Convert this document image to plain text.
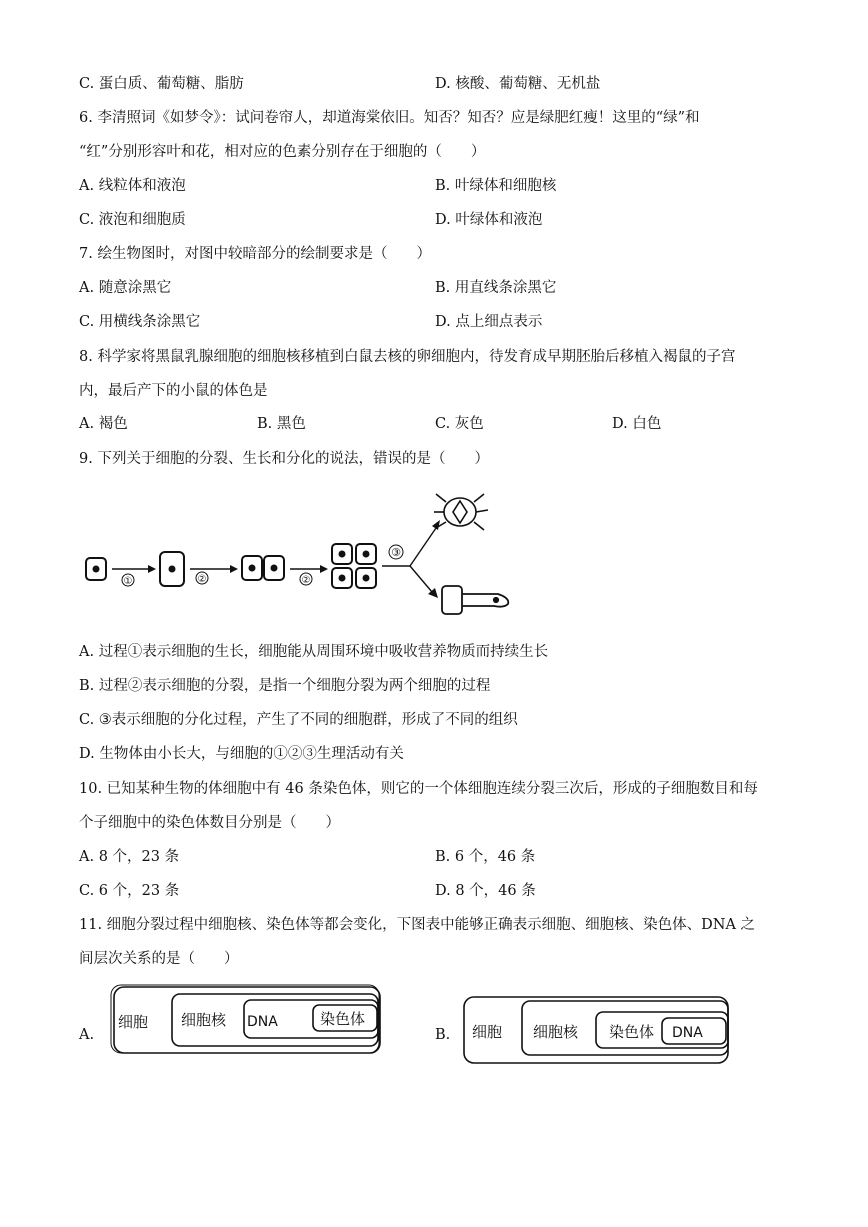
C. 蛋白质、葡萄糖、脂肪	D. 核酸、葡萄糖、无机盐
6. 李清照词《如梦令》：试问卷帘人，却道海棠依旧。知否？知否？应是绿肥红瘦！这里的“绿”和
“红”分别形容叶和花，相对应的色素分别存在于细胞的（　　）
A. 线粒体和液泡	B. 叶绿体和细胞核
C. 液泡和细胞质	D. 叶绿体和液泡
7. 绘生物图时，对图中较暗部分的绘制要求是（　　）
A. 随意涂黑它	B. 用直线条涂黑它
C. 用横线条涂黑它	D. 点上细点表示
8. 科学家将黑鼠乳腺细胞的细胞核移植到白鼠去核的卵细胞内，待发育成早期胚胎后移植入褐鼠的子宫
内，最后产下的小鼠的体色是
A. 褐色	B. 黑色	C. 灰色	D. 白色
9. 下列关于细胞的分裂、生长和分化的说法，错误的是（　　）
①	②	②
③
A. 过程①表示细胞的生长，细胞能从周围环境中吸收营养物质而持续生长
B. 过程②表示细胞的分裂，是指一个细胞分裂为两个细胞的过程
C. ③表示细胞的分化过程，产生了不同的细胞群，形成了不同的组织
D. 生物体由小长大，与细胞的①②③生理活动有关
10. 已知某种生物的体细胞中有 46 条染色体，则它的一个体细胞连续分裂三次后，形成的子细胞数目和每
个子细胞中的染色体数目分别是（　　）
A. 8 个，23 条	B. 6 个，46 条
C. 6 个，23 条	D. 8 个，46 条
11. 细胞分裂过程中细胞核、染色体等都会变化，下图表中能够正确表示细胞、细胞核、染色体、DNA 之
间层次关系的是（　　）
A.
细胞 细胞核 DNA	染色体
B. 细胞 细胞核 染色体 DNA
